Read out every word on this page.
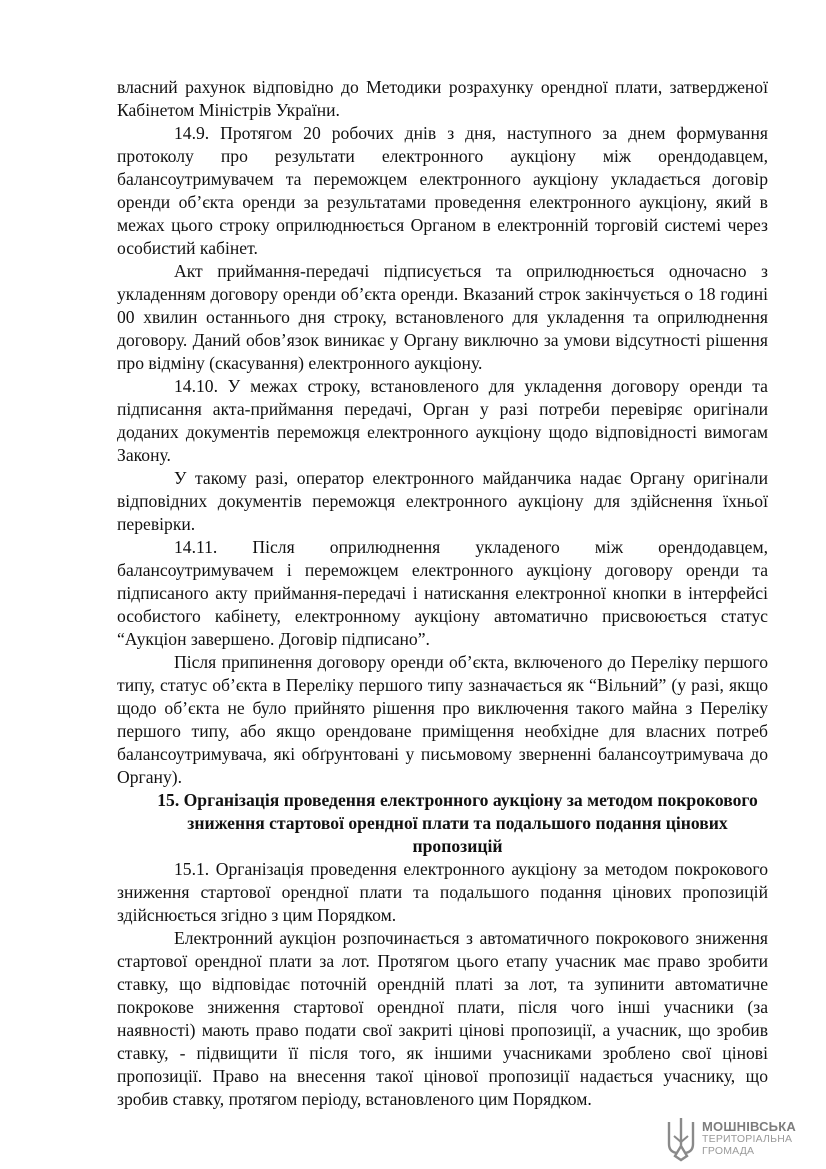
власний рахунок відповідно до Методики розрахунку орендної плати, затвердженої Кабінетом Міністрів України.

14.9. Протягом 20 робочих днів з дня, наступного за днем формування протоколу про результати електронного аукціону між орендодавцем, балансоутримувачем та переможцем електронного аукціону укладається договір оренди об’єкта оренди за результатами проведення електронного аукціону, який в межах цього строку оприлюднюється Органом в електронній торговій системі через особистий кабінет.

Акт приймання-передачі підписується та оприлюднюється одночасно з укладенням договору оренди об’єкта оренди. Вказаний строк закінчується о 18 годині 00 хвилин останнього дня строку, встановленого для укладення та оприлюднення договору. Даний обов’язок виникає у Органу виключно за умови відсутності рішення про відміну (скасування) електронного аукціону.

14.10. У межах строку, встановленого для укладення договору оренди та підписання акта-приймання передачі, Орган у разі потреби перевіряє оригінали доданих документів переможця електронного аукціону щодо відповідності вимогам Закону.

У такому разі, оператор електронного майданчика надає Органу оригінали відповідних документів переможця електронного аукціону для здійснення їхньої перевірки.

14.11. Після оприлюднення укладеного між орендодавцем, балансоутримувачем і переможцем електронного аукціону договору оренди та підписаного акту приймання-передачі і натискання електронної кнопки в інтерфейсі особистого кабінету, електронному аукціону автоматично присвоюється статус “Аукціон завершено. Договір підписано”.

Після припинення договору оренди об’єкта, включеного до Переліку першого типу, статус об’єкта в Переліку першого типу зазначається як “Вільний” (у разі, якщо щодо об’єкта не було прийнято рішення про виключення такого майна з Переліку першого типу, або якщо орендоване приміщення необхідне для власних потреб балансоутримувача, які обґрунтовані у письмовому зверненні балансоутримувача до Органу).

15. Організація проведення електронного аукціону за методом покрокового зниження стартової орендної плати та подальшого подання цінових пропозицій

15.1. Організація проведення електронного аукціону за методом покрокового зниження стартової орендної плати та подальшого подання цінових пропозицій здійснюється згідно з цим Порядком.

Електронний аукціон розпочинається з автоматичного покрокового зниження стартової орендної плати за лот. Протягом цього етапу учасник має право зробити ставку, що відповідає поточній орендній платі за лот, та зупинити автоматичне покрокове зниження стартової орендної плати, після чого інші учасники (за наявності) мають право подати свої закриті цінові пропозиції, а учасник, що зробив ставку, - підвищити її після того, як іншими учасниками зроблено свої цінові пропозиції. Право на внесення такої цінової пропозиції надається учаснику, що зробив ставку, протягом періоду, встановленого цим Порядком.

МОШНІВСЬКА
ТЕРИТОРІАЛЬНА
ГРОМАДА
